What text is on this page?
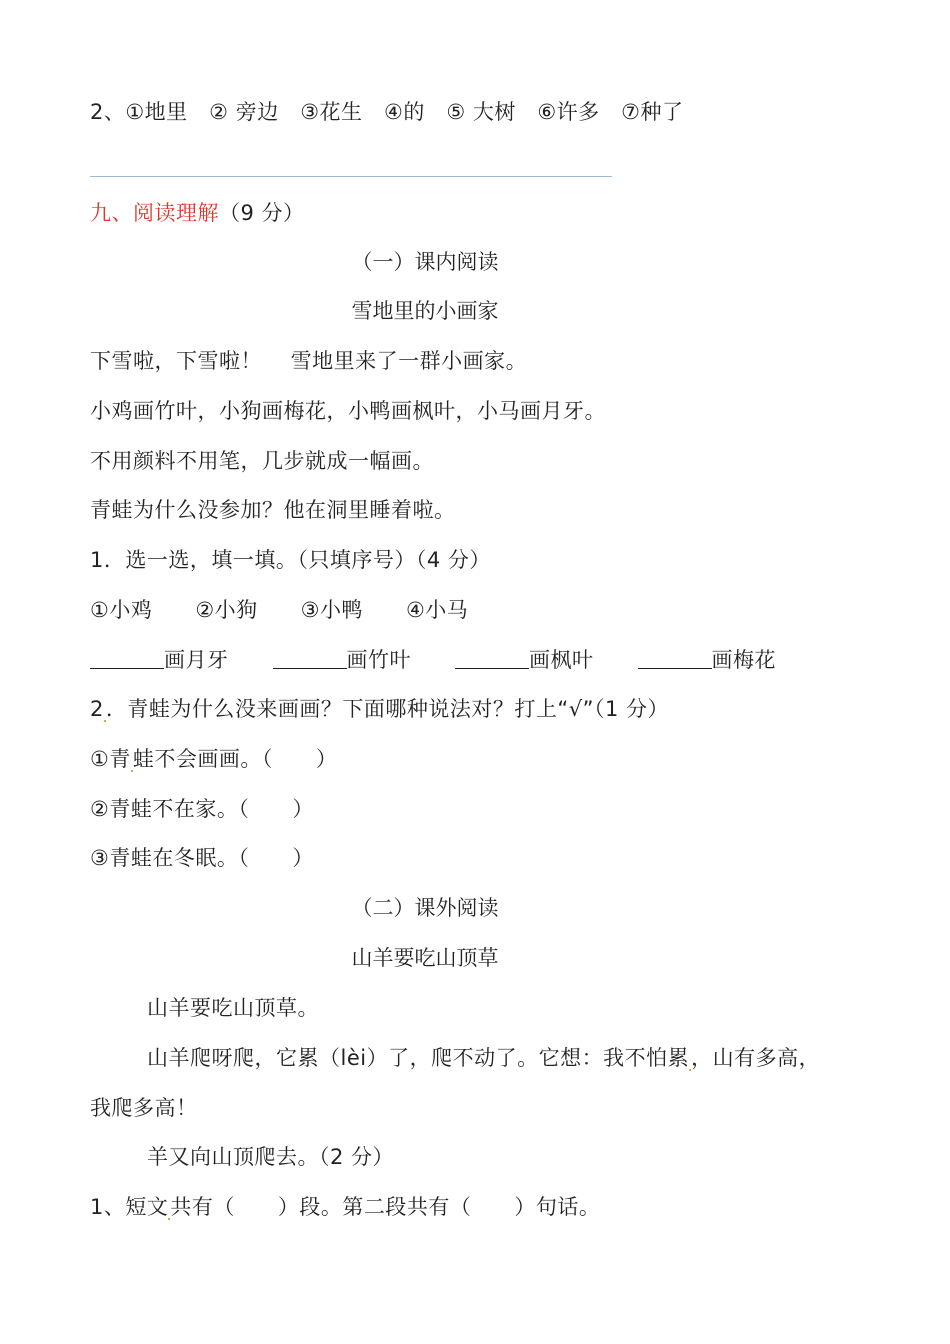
2、①地里　② 旁边　③花生　④的　⑤ 大树　⑥许多　⑦种了
九、阅读理解（9 分）
（一）课内阅读
雪地里的小画家
下雪啦，下雪啦！　 雪地里来了一群小画家。
小鸡画竹叶，小狗画梅花，小鸭画枫叶，小马画月牙。
不用颜料不用笔，几步就成一幅画。
青蛙为什么没参加？他在洞里睡着啦。
1．选一选，填一填。（只填序号）（4 分）
①小鸡　　②小狗　　③小鸭　　④小马
画月牙	画竹叶	画枫叶	画梅花
2．青蛙为什么没来画画？下面哪种说法对？打上“√”（1 分）
①青蛙不会画画。（　　）
②青蛙不在家。（　　）
③青蛙在冬眠。（　　）
（二）课外阅读
山羊要吃山顶草
山羊要吃山顶草。
山羊爬呀爬，它累（lèi）了，爬不动了。它想：我不怕累，山有多高，
我爬多高！
羊又向山顶爬去。（2 分）
1、短文共有（　　）段。第二段共有（　　）句话。
